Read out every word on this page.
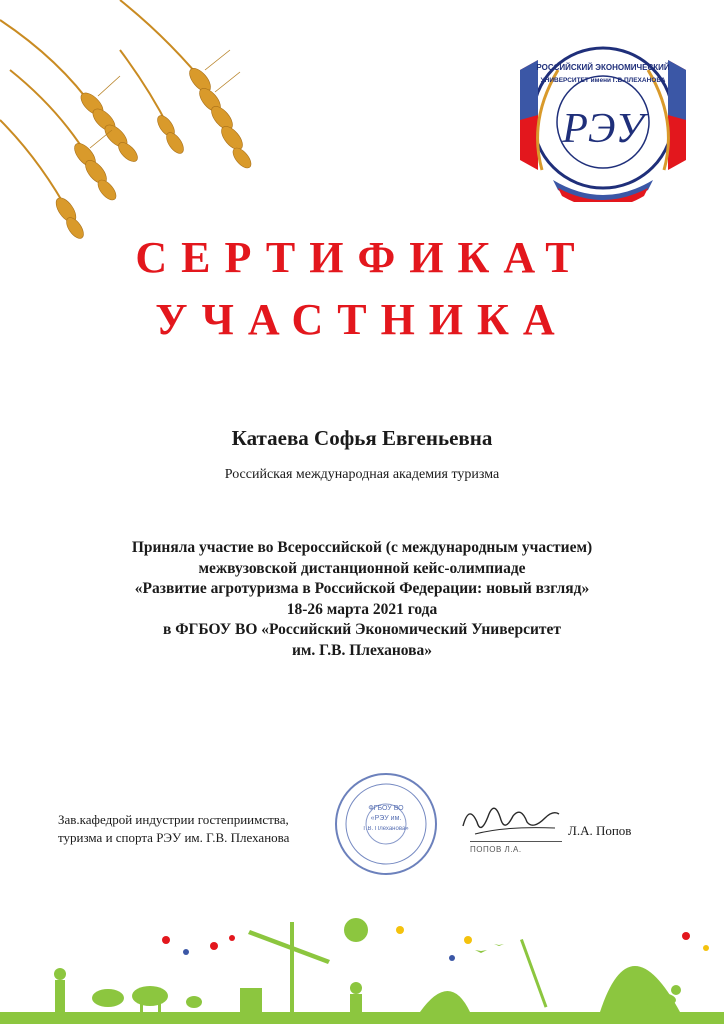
РОССИЙСКИЙ ЭКОНОМИЧЕСКИЙ
УНИВЕРСИТЕТ имени Г.В.ПЛЕХАНОВА
РЭУ
СЕРТИФИКАТ
УЧАСТНИКА
Катаева Софья Евгеньевна
Российская международная академия туризма
Приняла участие во Всероссийской (с международным участием)
межвузовской дистанционной кейс-олимпиаде
«Развитие агротуризма в Российской Федерации: новый взгляд»
18-26 марта 2021 года
в ФГБОУ ВО «Российский Экономический Университет
им. Г.В. Плеханова»
Зав.кафедрой индустрии гостеприимства,
туризма и спорта РЭУ им. Г.В. Плеханова
ФГБОУ ВО
«РЭУ им.
Г.В. Плеханова»
ПОПОВ Л.А.
Л.А. Попов
